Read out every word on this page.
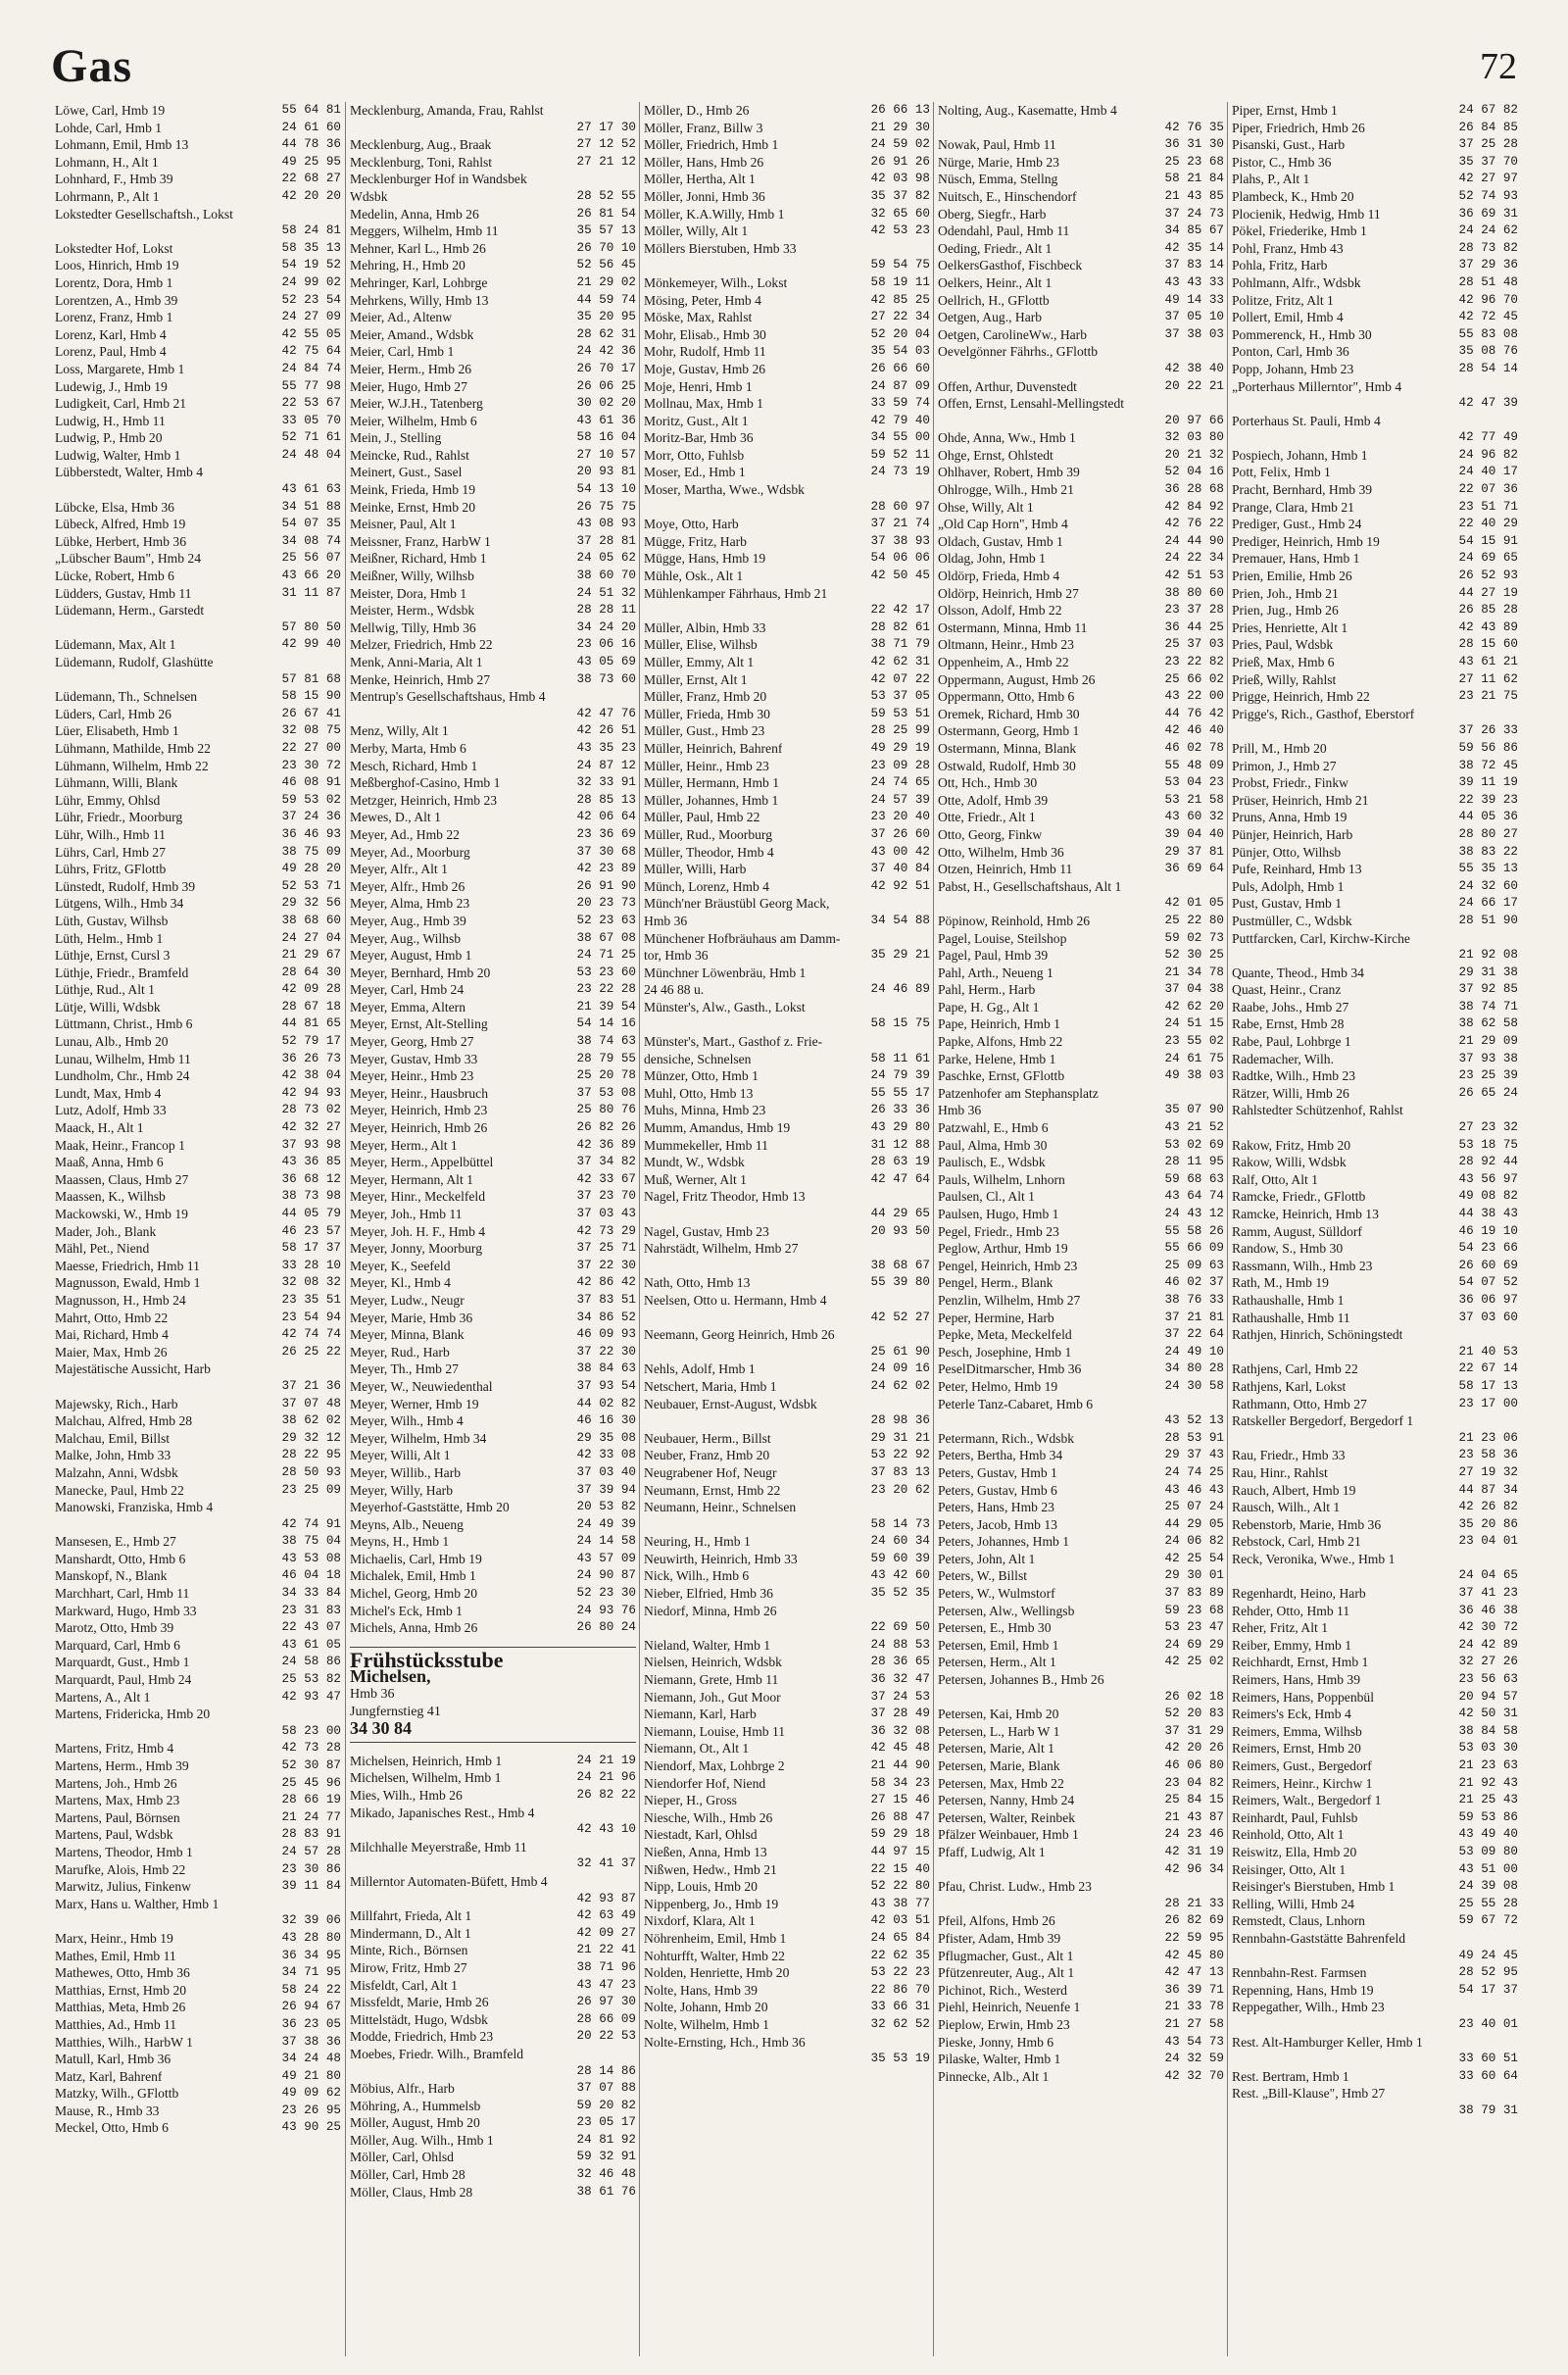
Gas	72
Löwe, Carl, Hmb 19	55 64 81
Lohde, Carl, Hmb 1	24 61 60
Lohmann, Emil, Hmb 13	44 78 36
Lohmann, H., Alt 1	49 25 95
Lohnhard, F., Hmb 39	22 68 27
Lohrmann, P., Alt 1	42 20 20
Lokstedter Gesellschaftsh., Lokst
58 24 81
Lokstedter Hof, Lokst	58 35 13
Loos, Hinrich, Hmb 19	54 19 52
Lorentz, Dora, Hmb 1	24 99 02
Lorentzen, A., Hmb 39	52 23 54
Lorenz, Franz, Hmb 1	24 27 09
Lorenz, Karl, Hmb 4	42 55 05
Lorenz, Paul, Hmb 4	42 75 64
Loss, Margarete, Hmb 1	24 84 74
Ludewig, J., Hmb 19	55 77 98
Ludigkeit, Carl, Hmb 21	22 53 67
Ludwig, H., Hmb 11	33 05 70
Ludwig, P., Hmb 20	52 71 61
Ludwig, Walter, Hmb 1	24 48 04
Lübberstedt, Walter, Hmb 4
43 61 63
Lübcke, Elsa, Hmb 36	34 51 88
Lübeck, Alfred, Hmb 19	54 07 35
Lübke, Herbert, Hmb 36	34 08 74
„Lübscher Baum", Hmb 24	25 56 07
Lücke, Robert, Hmb 6	43 66 20
Lüdders, Gustav, Hmb 11	31 11 87
Lüdemann, Herm., Garstedt
57 80 50
Lüdemann, Max, Alt 1	42 99 40
Lüdemann, Rudolf, Glashütte
57 81 68
Lüdemann, Th., Schnelsen	58 15 90
Lüders, Carl, Hmb 26	26 67 41
Lüer, Elisabeth, Hmb 1	32 08 75
Lühmann, Mathilde, Hmb 22	22 27 00
Lühmann, Wilhelm, Hmb 22	23 30 72
Lühmann, Willi, Blank	46 08 91
Lühr, Emmy, Ohlsd	59 53 02
Lühr, Friedr., Moorburg	37 24 36
Lühr, Wilh., Hmb 11	36 46 93
Lührs, Carl, Hmb 27	38 75 09
Lührs, Fritz, GFlottb	49 28 20
Lünstedt, Rudolf, Hmb 39	52 53 71
Lütgens, Wilh., Hmb 34	29 32 56
Lüth, Gustav, Wilhsb	38 68 60
Lüth, Helm., Hmb 1	24 27 04
Lüthje, Ernst, Cursl 3	21 29 67
Lüthje, Friedr., Bramfeld	28 64 30
Lüthje, Rud., Alt 1	42 09 28
Lütje, Willi, Wdsbk	28 67 18
Lüttmann, Christ., Hmb 6	44 81 65
Lunau, Alb., Hmb 20	52 79 17
Lunau, Wilhelm, Hmb 11	36 26 73
Lundholm, Chr., Hmb 24	42 38 04
Lundt, Max, Hmb 4	42 94 93
Lutz, Adolf, Hmb 33	28 73 02
Maack, H., Alt 1	42 32 27
Maak, Heinr., Francop 1	37 93 98
Maaß, Anna, Hmb 6	43 36 85
Maassen, Claus, Hmb 27	36 68 12
Maassen, K., Wilhsb	38 73 98
Mackowski, W., Hmb 19	44 05 79
Mader, Joh., Blank	46 23 57
Mähl, Pet., Niend	58 17 37
Maesse, Friedrich, Hmb 11	33 28 10
Magnusson, Ewald, Hmb 1	32 08 32
Magnusson, H., Hmb 24	23 35 51
Mahrt, Otto, Hmb 22	23 54 94
Mai, Richard, Hmb 4	42 74 74
Maier, Max, Hmb 26	26 25 22
Majestätische Aussicht, Harb
37 21 36
Majewsky, Rich., Harb	37 07 48
Malchau, Alfred, Hmb 28	38 62 02
Malchau, Emil, Billst	29 32 12
Malke, John, Hmb 33	28 22 95
Malzahn, Anni, Wdsbk	28 50 93
Manecke, Paul, Hmb 22	23 25 09
Manowski, Franziska, Hmb 4
42 74 91
Mansesen, E., Hmb 27	38 75 04
Manshardt, Otto, Hmb 6	43 53 08
Manskopf, N., Blank	46 04 18
Marchhart, Carl, Hmb 11	34 33 84
Markward, Hugo, Hmb 33	23 31 83
Marotz, Otto, Hmb 39	22 43 07
Marquard, Carl, Hmb 6	43 61 05
Marquardt, Gust., Hmb 1	24 58 86
Marquardt, Paul, Hmb 24	25 53 82
Martens, A., Alt 1	42 93 47
Martens, Fridericka, Hmb 20
58 23 00
Martens, Fritz, Hmb 4	42 73 28
Martens, Herm., Hmb 39	52 30 87
Martens, Joh., Hmb 26	25 45 96
Martens, Max, Hmb 23	28 66 19
Martens, Paul, Börnsen	21 24 77
Martens, Paul, Wdsbk	28 83 91
Martens, Theodor, Hmb 1	24 57 28
Marufke, Alois, Hmb 22	23 30 86
Marwitz, Julius, Finkenw	39 11 84
Marx, Hans u. Walther, Hmb 1
32 39 06
Marx, Heinr., Hmb 19	43 28 80
Mathes, Emil, Hmb 11	36 34 95
Mathewes, Otto, Hmb 36	34 71 95
Matthias, Ernst, Hmb 20	58 24 22
Matthias, Meta, Hmb 26	26 94 67
Matthies, Ad., Hmb 11	36 23 05
Matthies, Wilh., HarbW 1	37 38 36
Matull, Karl, Hmb 36	34 24 48
Matz, Karl, Bahrenf	49 21 80
Matzky, Wilh., GFlottb	49 09 62
Mause, R., Hmb 33	23 26 95
Meckel, Otto, Hmb 6	43 90 25
Mecklenburg, Amanda, Frau, Rahlst
27 17 30
Mecklenburg, Aug., Braak	27 12 52
Mecklenburg, Toni, Rahlst	27 21 12
Mecklenburger Hof in Wandsbek
Wdsbk	28 52 55
Medelin, Anna, Hmb 26	26 81 54
Meggers, Wilhelm, Hmb 11	35 57 13
Mehner, Karl L., Hmb 26	26 70 10
Mehring, H., Hmb 20	52 56 45
Mehringer, Karl, Lohbrge	21 29 02
Mehrkens, Willy, Hmb 13	44 59 74
Meier, Ad., Altenw	35 20 95
Meier, Amand., Wdsbk	28 62 31
Meier, Carl, Hmb 1	24 42 36
Meier, Herm., Hmb 26	26 70 17
Meier, Hugo, Hmb 27	26 06 25
Meier, W.J.H., Tatenberg	30 02 20
Meier, Wilhelm, Hmb 6	43 61 36
Mein, J., Stelling	58 16 04
Meincke, Rud., Rahlst	27 10 57
Meinert, Gust., Sasel	20 93 81
Meink, Frieda, Hmb 19	54 13 10
Meinke, Ernst, Hmb 20	26 75 75
Meisner, Paul, Alt 1	43 08 93
Meissner, Franz, HarbW 1	37 28 81
Meißner, Richard, Hmb 1	24 05 62
Meißner, Willy, Wilhsb	38 60 70
Meister, Dora, Hmb 1	24 51 32
Meister, Herm., Wdsbk	28 28 11
Mellwig, Tilly, Hmb 36	34 24 20
Melzer, Friedrich, Hmb 22	23 06 16
Menk, Anni-Maria, Alt 1	43 05 69
Menke, Heinrich, Hmb 27	38 73 60
Mentrup's Gesellschaftshaus, Hmb 4
42 47 76
Menz, Willy, Alt 1	42 26 51
Merby, Marta, Hmb 6	43 35 23
Mesch, Richard, Hmb 1	24 87 12
Meßberghof-Casino, Hmb 1	32 33 91
Metzger, Heinrich, Hmb 23	28 85 13
Mewes, D., Alt 1	42 06 64
Meyer, Ad., Hmb 22	23 36 69
Meyer, Ad., Moorburg	37 30 68
Meyer, Alfr., Alt 1	42 23 89
Meyer, Alfr., Hmb 26	26 91 90
Meyer, Alma, Hmb 23	20 23 73
Meyer, Aug., Hmb 39	52 23 63
Meyer, Aug., Wilhsb	38 67 08
Meyer, August, Hmb 1	24 71 25
Meyer, Bernhard, Hmb 20	53 23 60
Meyer, Carl, Hmb 24	23 22 28
Meyer, Emma, Altern	21 39 54
Meyer, Ernst, Alt-Stelling	54 14 16
Meyer, Georg, Hmb 27	38 74 63
Meyer, Gustav, Hmb 33	28 79 55
Meyer, Heinr., Hmb 23	25 20 78
Meyer, Heinr., Hausbruch	37 53 08
Meyer, Heinrich, Hmb 23	25 80 76
Meyer, Heinrich, Hmb 26	26 82 26
Meyer, Herm., Alt 1	42 36 89
Meyer, Herm., Appelbüttel	37 34 82
Meyer, Hermann, Alt 1	42 33 67
Meyer, Hinr., Meckelfeld	37 23 70
Meyer, Joh., Hmb 11	37 03 43
Meyer, Joh. H. F., Hmb 4	42 73 29
Meyer, Jonny, Moorburg	37 25 71
Meyer, K., Seefeld	37 22 30
Meyer, Kl., Hmb 4	42 86 42
Meyer, Ludw., Neugr	37 83 51
Meyer, Marie, Hmb 36	34 86 52
Meyer, Minna, Blank	46 09 93
Meyer, Rud., Harb	37 22 30
Meyer, Th., Hmb 27	38 84 63
Meyer, W., Neuwiedenthal	37 93 54
Meyer, Werner, Hmb 19	44 02 82
Meyer, Wilh., Hmb 4	46 16 30
Meyer, Wilhelm, Hmb 34	29 35 08
Meyer, Willi, Alt 1	42 33 08
Meyer, Willib., Harb	37 03 40
Meyer, Willy, Harb	37 39 94
Meyerhof-Gaststätte, Hmb 20	20 53 82
Meyns, Alb., Neueng	24 49 39
Meyns, H., Hmb 1	24 14 58
Michaelis, Carl, Hmb 19	43 57 09
Michalek, Emil, Hmb 1	24 90 87
Michel, Georg, Hmb 20	52 23 30
Michel's Eck, Hmb 1	24 93 76
Michels, Anna, Hmb 26	26 80 24
Frühstücksstube
Michelsen,
Hmb 36
Jungfernstieg 41
34 30 84
Michelsen, Heinrich, Hmb 1	24 21 19
Michelsen, Wilhelm, Hmb 1	24 21 96
Mies, Wilh., Hmb 26	26 82 22
Mikado, Japanisches Rest., Hmb 4
42 43 10
Milchhalle Meyerstraße, Hmb 11
32 41 37
Millerntor Automaten-Büfett, Hmb 4
42 93 87
Millfahrt, Frieda, Alt 1	42 63 49
Mindermann, D., Alt 1	42 09 27
Minte, Rich., Börnsen	21 22 41
Mirow, Fritz, Hmb 27	38 71 96
Misfeldt, Carl, Alt 1	43 47 23
Missfeldt, Marie, Hmb 26	26 97 30
Mittelstädt, Hugo, Wdsbk	28 66 09
Modde, Friedrich, Hmb 23	20 22 53
Moebes, Friedr. Wilh., Bramfeld
28 14 86
Möbius, Alfr., Harb	37 07 88
Möhring, A., Hummelsb	59 20 82
Möller, August, Hmb 20	23 05 17
Möller, Aug. Wilh., Hmb 1	24 81 92
Möller, Carl, Ohlsd	59 32 91
Möller, Carl, Hmb 28	32 46 48
Möller, Claus, Hmb 28	38 61 76
Möller, D., Hmb 26	26 66 13
Möller, Franz, Billw 3	21 29 30
Möller, Friedrich, Hmb 1	24 59 02
Möller, Hans, Hmb 26	26 91 26
Möller, Hertha, Alt 1	42 03 98
Möller, Jonni, Hmb 36	35 37 82
Möller, K.A.Willy, Hmb 1	32 65 60
Möller, Willy, Alt 1	42 53 23
Möllers Bierstuben, Hmb 33
59 54 75
Mönkemeyer, Wilh., Lokst	58 19 11
Mösing, Peter, Hmb 4	42 85 25
Möske, Max, Rahlst	27 22 34
Mohr, Elisab., Hmb 30	52 20 04
Mohr, Rudolf, Hmb 11	35 54 03
Moje, Gustav, Hmb 26	26 66 60
Moje, Henri, Hmb 1	24 87 09
Mollnau, Max, Hmb 1	33 59 74
Moritz, Gust., Alt 1	42 79 40
Moritz-Bar, Hmb 36	34 55 00
Morr, Otto, Fuhlsb	59 52 11
Moser, Ed., Hmb 1	24 73 19
Moser, Martha, Wwe., Wdsbk
28 60 97
Moye, Otto, Harb	37 21 74
Mügge, Fritz, Harb	37 38 93
Mügge, Hans, Hmb 19	54 06 06
Mühle, Osk., Alt 1	42 50 45
Mühlenkamper Fährhaus, Hmb 21
22 42 17
Müller, Albin, Hmb 33	28 82 61
Müller, Elise, Wilhsb	38 71 79
Müller, Emmy, Alt 1	42 62 31
Müller, Ernst, Alt 1	42 07 22
Müller, Franz, Hmb 20	53 37 05
Müller, Frieda, Hmb 30	59 53 51
Müller, Gust., Hmb 23	28 25 99
Müller, Heinrich, Bahrenf	49 29 19
Müller, Heinr., Hmb 23	23 09 28
Müller, Hermann, Hmb 1	24 74 65
Müller, Johannes, Hmb 1	24 57 39
Müller, Paul, Hmb 22	23 20 40
Müller, Rud., Moorburg	37 26 60
Müller, Theodor, Hmb 4	43 00 42
Müller, Willi, Harb	37 40 84
Münch, Lorenz, Hmb 4	42 92 51
Münch'ner Bräustübl Georg Mack,
Hmb 36	34 54 88
Münchener Hofbräuhaus am Damm-
tor, Hmb 36	35 29 21
Münchner Löwenbräu, Hmb 1
24 46 88 u.	24 46 89
Münster's, Alw., Gasth., Lokst
58 15 75
Münster's, Mart., Gasthof z. Frie-
densiche, Schnelsen	58 11 61
Münzer, Otto, Hmb 1	24 79 39
Muhl, Otto, Hmb 13	55 55 17
Muhs, Minna, Hmb 23	26 33 36
Mumm, Amandus, Hmb 19	43 29 80
Mummekeller, Hmb 11	31 12 88
Mundt, W., Wdsbk	28 63 19
Muß, Werner, Alt 1	42 47 64
Nagel, Fritz Theodor, Hmb 13
44 29 65
Nagel, Gustav, Hmb 23	20 93 50
Nahrstädt, Wilhelm, Hmb 27
38 68 67
Nath, Otto, Hmb 13	55 39 80
Neelsen, Otto u. Hermann, Hmb 4
42 52 27
Neemann, Georg Heinrich, Hmb 26
25 61 90
Nehls, Adolf, Hmb 1	24 09 16
Netschert, Maria, Hmb 1	24 62 02
Neubauer, Ernst-August, Wdsbk
28 98 36
Neubauer, Herm., Billst	29 31 21
Neuber, Franz, Hmb 20	53 22 92
Neugrabener Hof, Neugr	37 83 13
Neumann, Ernst, Hmb 22	23 20 62
Neumann, Heinr., Schnelsen
58 14 73
Neuring, H., Hmb 1	24 60 34
Neuwirth, Heinrich, Hmb 33	59 60 39
Nick, Wilh., Hmb 6	43 42 60
Nieber, Elfried, Hmb 36	35 52 35
Niedorf, Minna, Hmb 26
22 69 50
Nieland, Walter, Hmb 1	24 88 53
Nielsen, Heinrich, Wdsbk	28 36 65
Niemann, Grete, Hmb 11	36 32 47
Niemann, Joh., Gut Moor	37 24 53
Niemann, Karl, Harb	37 28 49
Niemann, Louise, Hmb 11	36 32 08
Niemann, Ot., Alt 1	42 45 48
Niendorf, Max, Lohbrge 2	21 44 90
Niendorfer Hof, Niend	58 34 23
Nieper, H., Gross	27 15 46
Niesche, Wilh., Hmb 26	26 88 47
Niestadt, Karl, Ohlsd	59 29 18
Nießen, Anna, Hmb 13	44 97 15
Nißwen, Hedw., Hmb 21	22 15 40
Nipp, Louis, Hmb 20	52 22 80
Nippenberg, Jo., Hmb 19	43 38 77
Nixdorf, Klara, Alt 1	42 03 51
Nöhrenheim, Emil, Hmb 1	24 65 84
Nohturfft, Walter, Hmb 22	22 62 35
Nolden, Henriette, Hmb 20	53 22 23
Nolte, Hans, Hmb 39	22 86 70
Nolte, Johann, Hmb 20	33 66 31
Nolte, Wilhelm, Hmb 1	32 62 52
Nolte-Ernsting, Hch., Hmb 36
35 53 19
Nolting, Aug., Kasematte, Hmb 4
42 76 35
Nowak, Paul, Hmb 11	36 31 30
Nürge, Marie, Hmb 23	25 23 68
Nüsch, Emma, Stellng	58 21 84
Nuitsch, E., Hinschendorf	21 43 85
Oberg, Siegfr., Harb	37 24 73
Odendahl, Paul, Hmb 11	34 85 67
Oeding, Friedr., Alt 1	42 35 14
OelkersGasthof, Fischbeck	37 83 14
Oelkers, Heinr., Alt 1	43 43 33
Oellrich, H., GFlottb	49 14 33
Oetgen, Aug., Harb	37 05 10
Oetgen, CarolineWw., Harb	37 38 03
Oevelgönner Fährhs., GFlottb
42 38 40
Offen, Arthur, Duvenstedt	20 22 21
Offen, Ernst, Lensahl-Mellingstedt
20 97 66
Ohde, Anna, Ww., Hmb 1	32 03 80
Ohge, Ernst, Ohlstedt	20 21 32
Ohlhaver, Robert, Hmb 39	52 04 16
Ohlrogge, Wilh., Hmb 21	36 28 68
Ohse, Willy, Alt 1	42 84 92
„Old Cap Horn", Hmb 4	42 76 22
Oldach, Gustav, Hmb 1	24 44 90
Oldag, John, Hmb 1	24 22 34
Oldörp, Frieda, Hmb 4	42 51 53
Oldörp, Heinrich, Hmb 27	38 80 60
Olsson, Adolf, Hmb 22	23 37 28
Ostermann, Minna, Hmb 11	36 44 25
Oltmann, Heinr., Hmb 23	25 37 03
Oppenheim, A., Hmb 22	23 22 82
Oppermann, August, Hmb 26	25 66 02
Oppermann, Otto, Hmb 6	43 22 00
Oremek, Richard, Hmb 30	44 76 42
Ostermann, Georg, Hmb 1	42 46 40
Ostermann, Minna, Blank	46 02 78
Ostwald, Rudolf, Hmb 30	55 48 09
Ott, Hch., Hmb 30	53 04 23
Otte, Adolf, Hmb 39	53 21 58
Otte, Friedr., Alt 1	43 60 32
Otto, Georg, Finkw	39 04 40
Otto, Wilhelm, Hmb 36	29 37 81
Otzen, Heinrich, Hmb 11	36 69 64
Pabst, H., Gesellschaftshaus, Alt 1
42 01 05
Pöpinow, Reinhold, Hmb 26	25 22 80
Pagel, Louise, Steilshop	59 02 73
Pagel, Paul, Hmb 39	52 30 25
Pahl, Arth., Neueng 1	21 34 78
Pahl, Herm., Harb	37 04 38
Pape, H. Gg., Alt 1	42 62 20
Pape, Heinrich, Hmb 1	24 51 15
Papke, Alfons, Hmb 22	23 55 02
Parke, Helene, Hmb 1	24 61 75
Paschke, Ernst, GFlottb	49 38 03
Patzenhofer am Stephansplatz
Hmb 36	35 07 90
Patzwahl, E., Hmb 6	43 21 52
Paul, Alma, Hmb 30	53 02 69
Paulisch, E., Wdsbk	28 11 95
Pauls, Wilhelm, Lnhorn	59 68 63
Paulsen, Cl., Alt 1	43 64 74
Paulsen, Hugo, Hmb 1	24 43 12
Pegel, Friedr., Hmb 23	55 58 26
Peglow, Arthur, Hmb 19	55 66 09
Pengel, Heinrich, Hmb 23	25 09 63
Pengel, Herm., Blank	46 02 37
Penzlin, Wilhelm, Hmb 27	38 76 33
Peper, Hermine, Harb	37 21 81
Pepke, Meta, Meckelfeld	37 22 64
Pesch, Josephine, Hmb 1	24 49 10
PeselDitmarscher, Hmb 36	34 80 28
Peter, Helmo, Hmb 19	24 30 58
Peterle Tanz-Cabaret, Hmb 6
43 52 13
Petermann, Rich., Wdsbk	28 53 91
Peters, Bertha, Hmb 34	29 37 43
Peters, Gustav, Hmb 1	24 74 25
Peters, Gustav, Hmb 6	43 46 43
Peters, Hans, Hmb 23	25 07 24
Peters, Jacob, Hmb 13	44 29 05
Peters, Johannes, Hmb 1	24 06 82
Peters, John, Alt 1	42 25 54
Peters, W., Billst	29 30 01
Peters, W., Wulmstorf	37 83 89
Petersen, Alw., Wellingsb	59 23 68
Petersen, E., Hmb 30	53 23 47
Petersen, Emil, Hmb 1	24 69 29
Petersen, Herm., Alt 1	42 25 02
Petersen, Johannes B., Hmb 26
26 02 18
Petersen, Kai, Hmb 20	52 20 83
Petersen, L., Harb W 1	37 31 29
Petersen, Marie, Alt 1	42 20 26
Petersen, Marie, Blank	46 06 80
Petersen, Max, Hmb 22	23 04 82
Petersen, Nanny, Hmb 24	25 84 15
Petersen, Walter, Reinbek	21 43 87
Pfälzer Weinbauer, Hmb 1	24 23 46
Pfaff, Ludwig, Alt 1	42 31 19
42 96 34
Pfau, Christ. Ludw., Hmb 23
28 21 33
Pfeil, Alfons, Hmb 26	26 82 69
Pfister, Adam, Hmb 39	22 59 95
Pflugmacher, Gust., Alt 1	42 45 80
Pfützenreuter, Aug., Alt 1	42 47 13
Pichinot, Rich., Westerd	36 39 71
Piehl, Heinrich, Neuenfe 1	21 33 78
Pieplow, Erwin, Hmb 23	21 27 58
Pieske, Jonny, Hmb 6	43 54 73
Pilaske, Walter, Hmb 1	24 32 59
Pinnecke, Alb., Alt 1	42 32 70
Piper, Ernst, Hmb 1	24 67 82
Piper, Friedrich, Hmb 26	26 84 85
Pisanski, Gust., Harb	37 25 28
Pistor, C., Hmb 36	35 37 70
Plahs, P., Alt 1	42 27 97
Plambeck, K., Hmb 20	52 74 93
Plocienik, Hedwig, Hmb 11	36 69 31
Pökel, Friederike, Hmb 1	24 24 62
Pohl, Franz, Hmb 43	28 73 82
Pohla, Fritz, Harb	37 29 36
Pohlmann, Alfr., Wdsbk	28 51 48
Politze, Fritz, Alt 1	42 96 70
Pollert, Emil, Hmb 4	42 72 45
Pommerenck, H., Hmb 30	55 83 08
Ponton, Carl, Hmb 36	35 08 76
Popp, Johann, Hmb 23	28 54 14
„Porterhaus Millerntor", Hmb 4
42 47 39
Porterhaus St. Pauli, Hmb 4
42 77 49
Pospiech, Johann, Hmb 1	24 96 82
Pott, Felix, Hmb 1	24 40 17
Pracht, Bernhard, Hmb 39	22 07 36
Prange, Clara, Hmb 21	23 51 71
Prediger, Gust., Hmb 24	22 40 29
Prediger, Heinrich, Hmb 19	54 15 91
Premauer, Hans, Hmb 1	24 69 65
Prien, Emilie, Hmb 26	26 52 93
Prien, Joh., Hmb 21	44 27 19
Prien, Jug., Hmb 26	26 85 28
Pries, Henriette, Alt 1	42 43 89
Pries, Paul, Wdsbk	28 15 60
Prieß, Max, Hmb 6	43 61 21
Prieß, Willy, Rahlst	27 11 62
Prigge, Heinrich, Hmb 22	23 21 75
Prigge's, Rich., Gasthof, Eberstorf
37 26 33
Prill, M., Hmb 20	59 56 86
Primon, J., Hmb 27	38 72 45
Probst, Friedr., Finkw	39 11 19
Prüser, Heinrich, Hmb 21	22 39 23
Pruns, Anna, Hmb 19	44 05 36
Pünjer, Heinrich, Harb	28 80 27
Pünjer, Otto, Wilhsb	38 83 22
Pufe, Reinhard, Hmb 13	55 35 13
Puls, Adolph, Hmb 1	24 32 60
Pust, Gustav, Hmb 1	24 66 17
Pustmüller, C., Wdsbk	28 51 90
Puttfarcken, Carl, Kirchw-Kirche
21 92 08
Quante, Theod., Hmb 34	29 31 38
Quast, Heinr., Cranz	37 92 85
Raabe, Johs., Hmb 27	38 74 71
Rabe, Ernst, Hmb 28	38 62 58
Rabe, Paul, Lohbrge 1	21 29 09
Rademacher, Wilh.	37 93 38
Radtke, Wilh., Hmb 23	23 25 39
Rätzer, Willi, Hmb 26	26 65 24
Rahlstedter Schützenhof, Rahlst
27 23 32
Rakow, Fritz, Hmb 20	53 18 75
Rakow, Willi, Wdsbk	28 92 44
Ralf, Otto, Alt 1	43 56 97
Ramcke, Friedr., GFlottb	49 08 82
Ramcke, Heinrich, Hmb 13	44 38 43
Ramm, August, Sülldorf	46 19 10
Randow, S., Hmb 30	54 23 66
Rassmann, Wilh., Hmb 23	26 60 69
Rath, M., Hmb 19	54 07 52
Rathaushalle, Hmb 1	36 06 97
Rathaushalle, Hmb 11	37 03 60
Rathjen, Hinrich, Schöningstedt
21 40 53
Rathjens, Carl, Hmb 22	22 67 14
Rathjens, Karl, Lokst	58 17 13
Rathmann, Otto, Hmb 27	23 17 00
Ratskeller Bergedorf, Bergedorf 1
21 23 06
Rau, Friedr., Hmb 33	23 58 36
Rau, Hinr., Rahlst	27 19 32
Rauch, Albert, Hmb 19	44 87 34
Rausch, Wilh., Alt 1	42 26 82
Rebenstorb, Marie, Hmb 36	35 20 86
Rebstock, Carl, Hmb 21	23 04 01
Reck, Veronika, Wwe., Hmb 1
24 04 65
Regenhardt, Heino, Harb	37 41 23
Rehder, Otto, Hmb 11	36 46 38
Reher, Fritz, Alt 1	42 30 72
Reiber, Emmy, Hmb 1	24 42 89
Reichhardt, Ernst, Hmb 1	32 27 26
Reimers, Hans, Hmb 39	23 56 63
Reimers, Hans, Poppenbül	20 94 57
Reimers's Eck, Hmb 4	42 50 31
Reimers, Emma, Wilhsb	38 84 58
Reimers, Ernst, Hmb 20	53 03 30
Reimers, Gust., Bergedorf	21 23 63
Reimers, Heinr., Kirchw 1	21 92 43
Reimers, Walt., Bergedorf 1	21 25 43
Reinhardt, Paul, Fuhlsb	59 53 86
Reinhold, Otto, Alt 1	43 49 40
Reiswitz, Ella, Hmb 20	53 09 80
Reisinger, Otto, Alt 1	43 51 00
Reisinger's Bierstuben, Hmb 1	24 39 08
Relling, Willi, Hmb 24	25 55 28
Remstedt, Claus, Lnhorn	59 67 72
Rennbahn-Gaststätte Bahrenfeld
49 24 45
Rennbahn-Rest. Farmsen	28 52 95
Repenning, Hans, Hmb 19	54 17 37
Reppegather, Wilh., Hmb 23
23 40 01
Rest. Alt-Hamburger Keller, Hmb 1
33 60 51
Rest. Bertram, Hmb 1	33 60 64
Rest. „Bill-Klause", Hmb 27
38 79 31
